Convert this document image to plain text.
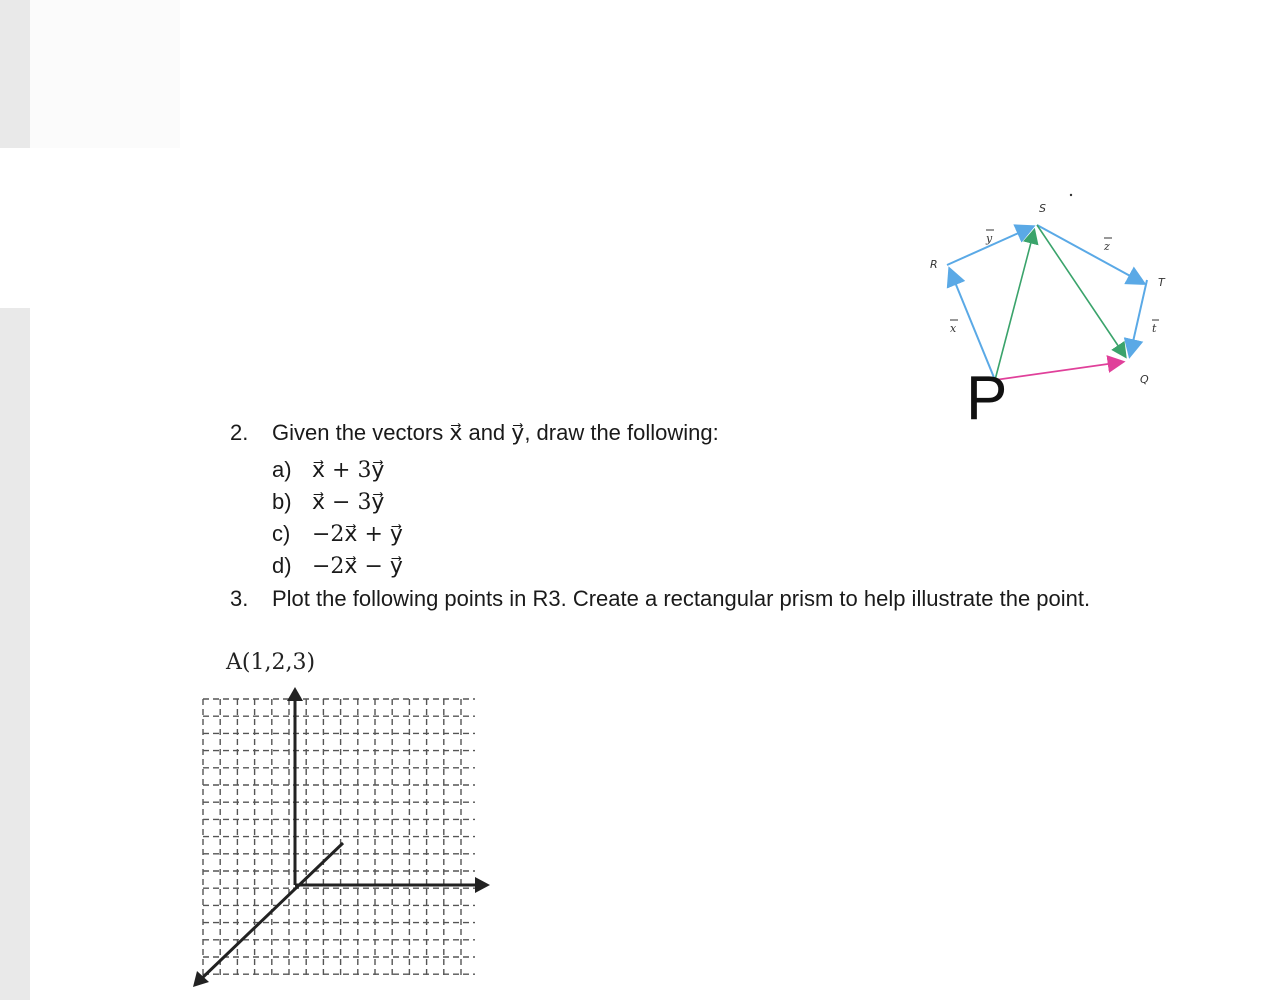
R
S
T
Q
x
y
z
t
P
2. Given the vectors x⃗ and y⃗, draw the following:
a) x⃗ + 3y⃗
b) x⃗ − 3y⃗
c) −2x⃗ + y⃗
d) −2x⃗ − y⃗
3. Plot the following points in R3. Create a rectangular prism to help illustrate the point.
A(1,2,3)
